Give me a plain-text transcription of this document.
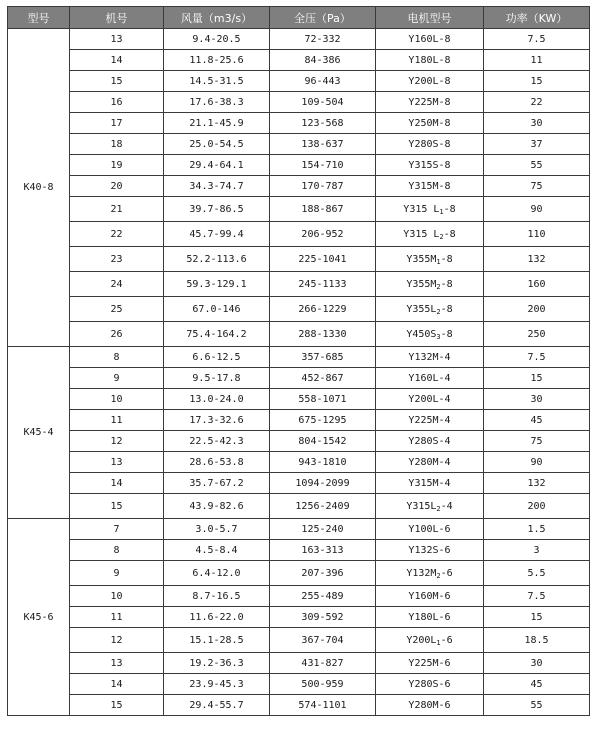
型号	机号	风量（m3/s）	全压（Pa）	电机型号	功率（KW）
K40-8	13	9.4-20.5	72-332	Y160L-8	7.5
	14	11.8-25.6	84-386	Y180L-8	11
	15	14.5-31.5	96-443	Y200L-8	15
	16	17.6-38.3	109-504	Y225M-8	22
	17	21.1-45.9	123-568	Y250M-8	30
	18	25.0-54.5	138-637	Y280S-8	37
	19	29.4-64.1	154-710	Y315S-8	55
	20	34.3-74.7	170-787	Y315M-8	75
	21	39.7-86.5	188-867	Y315 $L_1-8$	90
	22	45.7-99.4	206-952	Y315 $L_2-8$	110
	23	52.2-113.6	225-1041	$Y355M_1-8$	132
	24	59.3-129.1	245-1133	$Y355M_2-8$	160
	25	67.0-146	266-1229	$Y355L_2-8$	200
	26	75.4-164.2	288-1330	$Y450S_3-8$	250
K45-4	8	6.6-12.5	357-685	Y132M-4	7.5
	9	9.5-17.8	452-867	Y160L-4	15
	10	13.0-24.0	558-1071	Y200L-4	30
	11	17.3-32.6	675-1295	Y225M-4	45
	12	22.5-42.3	804-1542	Y280S-4	75
	13	28.6-53.8	943-1810	Y280M-4	90
	14	35.7-67.2	1094-2099	Y315M-4	132
	15	43.9-82.6	1256-2409	$Y315L_2-4$	200
K45-6	7	3.0-5.7	125-240	Y100L-6	1.5
	8	4.5-8.4	163-313	Y132S-6	3
	9	6.4-12.0	207-396	$Y132M_2-6$	5.5
	10	8.7-16.5	255-489	Y160M-6	7.5
	11	11.6-22.0	309-592	Y180L-6	15
	12	15.1-28.5	367-704	$Y200L_1-6$	18.5
	13	19.2-36.3	431-827	Y225M-6	30
	14	23.9-45.3	500-959	Y280S-6	45
	15	29.4-55.7	574-1101	Y280M-6	55
